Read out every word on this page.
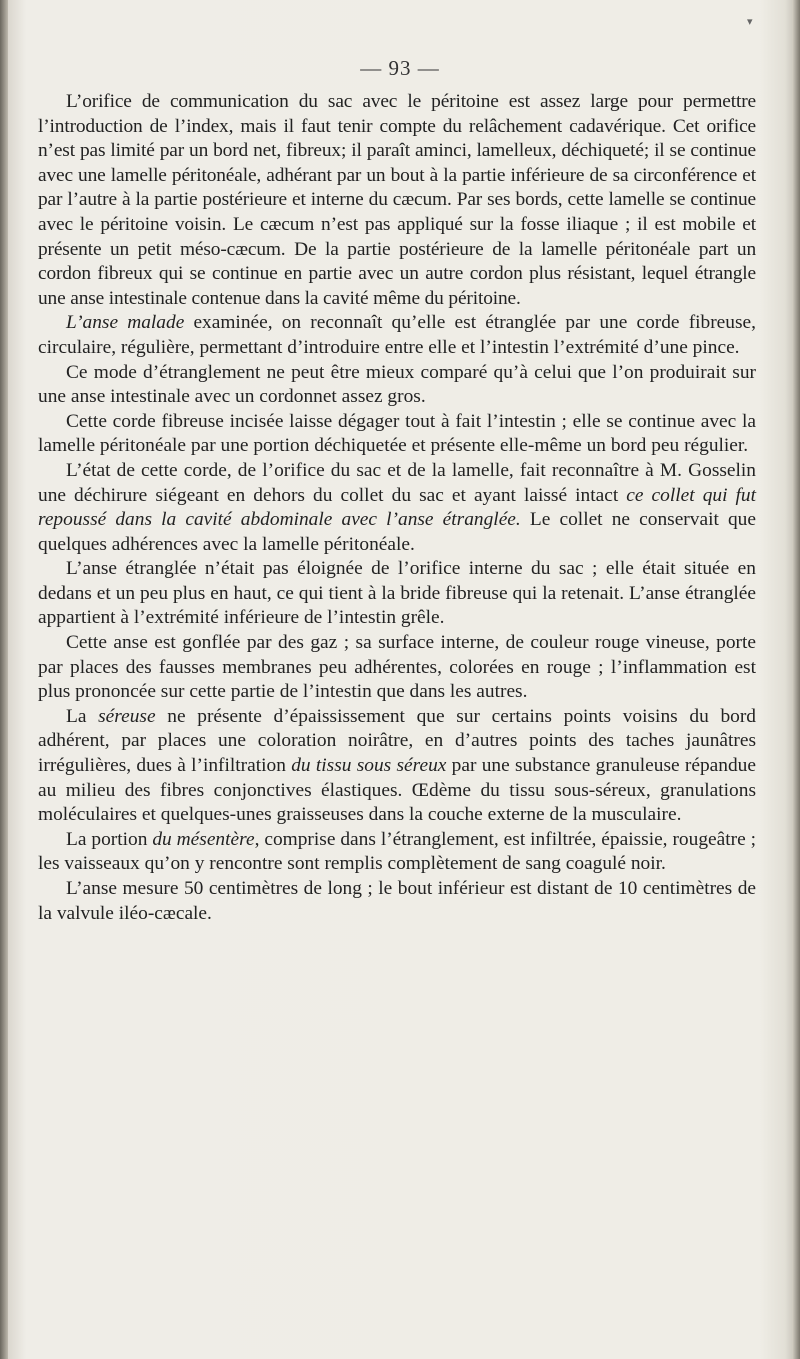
▾
— 93 —

L’orifice de communication du sac avec le péritoine est assez large pour permettre l’introduction de l’index, mais il faut tenir compte du relâchement cadavérique. Cet orifice n’est pas limité par un bord net, fibreux; il paraît aminci, lamelleux, déchiqueté; il se continue avec une lamelle péritonéale, adhérant par un bout à la partie inférieure de sa circonférence et par l’autre à la partie postérieure et interne du cæcum. Par ses bords, cette lamelle se continue avec le péritoine voisin. Le cæcum n’est pas appliqué sur la fosse iliaque ; il est mobile et présente un petit méso-cæcum. De la partie postérieure de la lamelle péritonéale part un cordon fibreux qui se continue en partie avec un autre cordon plus résistant, lequel étrangle une anse intestinale contenue dans la cavité même du péritoine.

L’anse malade examinée, on reconnaît qu’elle est étranglée par une corde fibreuse, circulaire, régulière, permettant d’introduire entre elle et l’intestin l’extrémité d’une pince.

Ce mode d’étranglement ne peut être mieux comparé qu’à celui que l’on produirait sur une anse intestinale avec un cordonnet assez gros.

Cette corde fibreuse incisée laisse dégager tout à fait l’intestin ; elle se continue avec la lamelle péritonéale par une portion déchiquetée et présente elle-même un bord peu régulier.

L’état de cette corde, de l’orifice du sac et de la lamelle, fait reconnaître à M. Gosselin une déchirure siégeant en dehors du collet du sac et ayant laissé intact ce collet qui fut repoussé dans la cavité abdominale avec l’anse étranglée. Le collet ne conservait que quelques adhérences avec la lamelle péritonéale.

L’anse étranglée n’était pas éloignée de l’orifice interne du sac ; elle était située en dedans et un peu plus en haut, ce qui tient à la bride fibreuse qui la retenait. L’anse étranglée appartient à l’extrémité inférieure de l’intestin grêle.

Cette anse est gonflée par des gaz ; sa surface interne, de couleur rouge vineuse, porte par places des fausses membranes peu adhérentes, colorées en rouge ; l’inflammation est plus prononcée sur cette partie de l’intestin que dans les autres.

La séreuse ne présente d’épaississement que sur certains points voisins du bord adhérent, par places une coloration noirâtre, en d’autres points des taches jaunâtres irrégulières, dues à l’infiltration du tissu sous séreux par une substance granuleuse répandue au milieu des fibres conjonctives élastiques. Œdème du tissu sous-séreux, granulations moléculaires et quelques-unes graisseuses dans la couche externe de la musculaire.

La portion du mésentère, comprise dans l’étranglement, est infiltrée, épaissie, rougeâtre ; les vaisseaux qu’on y rencontre sont remplis complètement de sang coagulé noir.

L’anse mesure 50 centimètres de long ; le bout inférieur est distant de 10 centimètres de la valvule iléo-cæcale.
